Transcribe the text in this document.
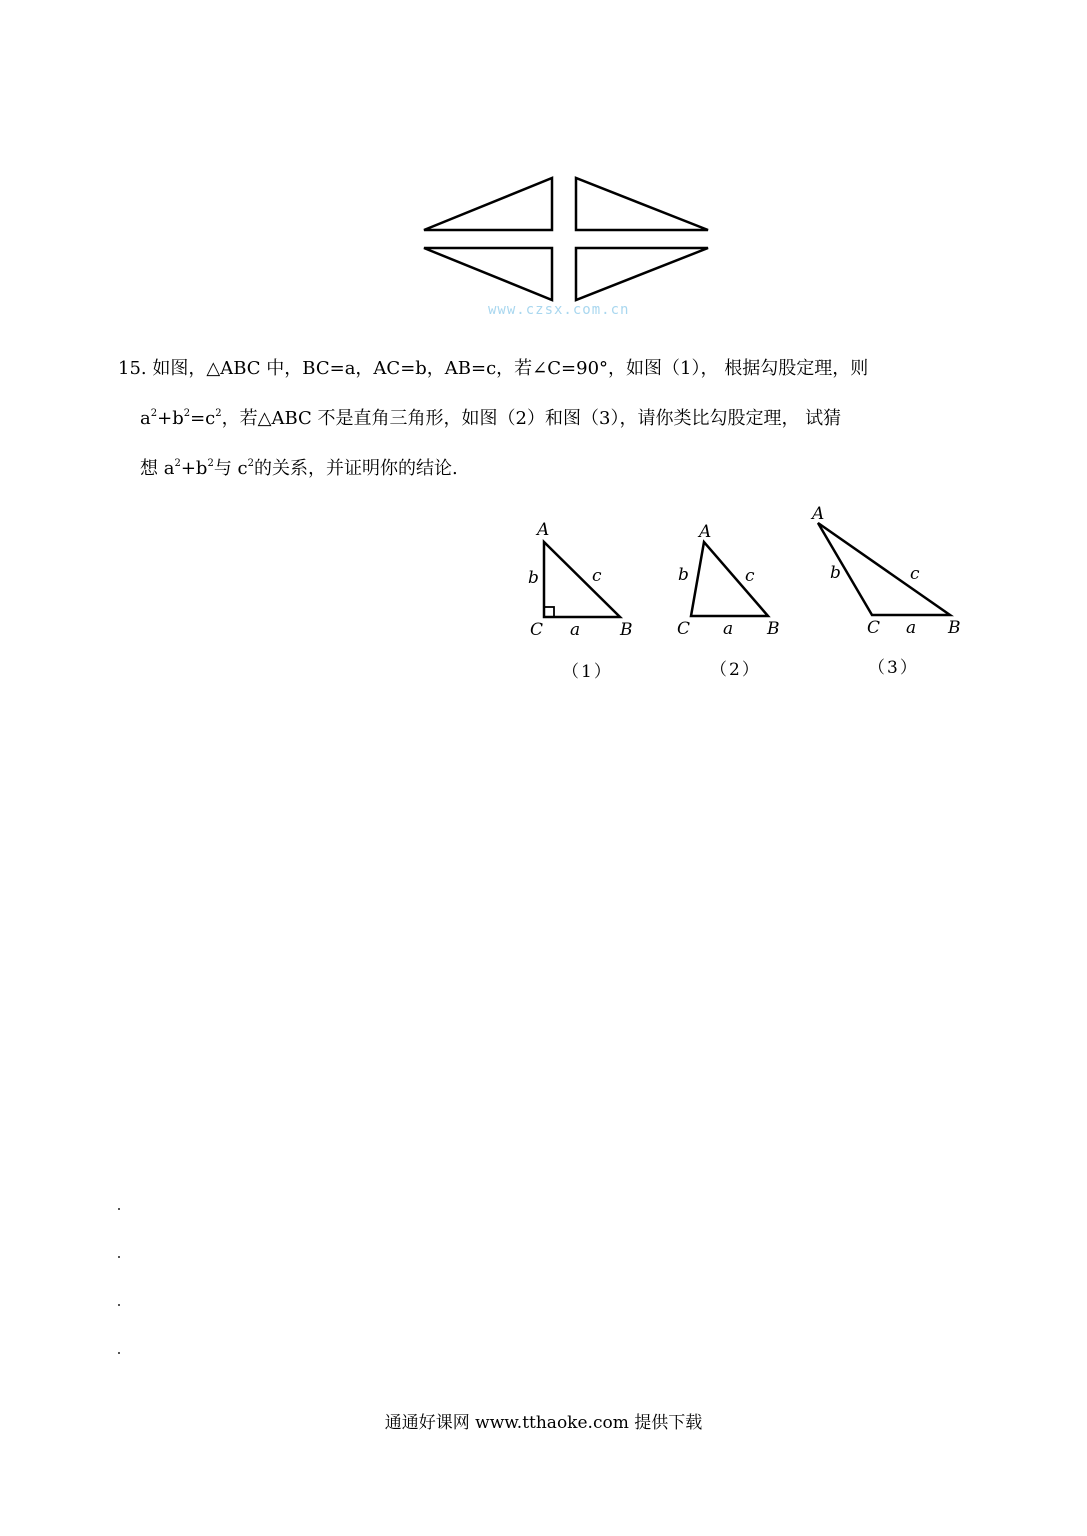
www.czsx.com.cn
15. 如图，△ABC 中，BC=a，AC=b，AB=c，若∠C=90°，如图（1）， 根据勾股定理，则
$a^2+b^2=c^2$，若△ABC 不是直角三角形，如图（2）和图（3），请你类比勾股定理， 试猜
想 $a^2+b^2$与 $c^2$的关系，并证明你的结论.
A
b	c
C a B
A
b	c
C a B
A
b	c
C a B
（1）	（2）	（3）
通通好课网 www.tthaoke.com 提供下载
